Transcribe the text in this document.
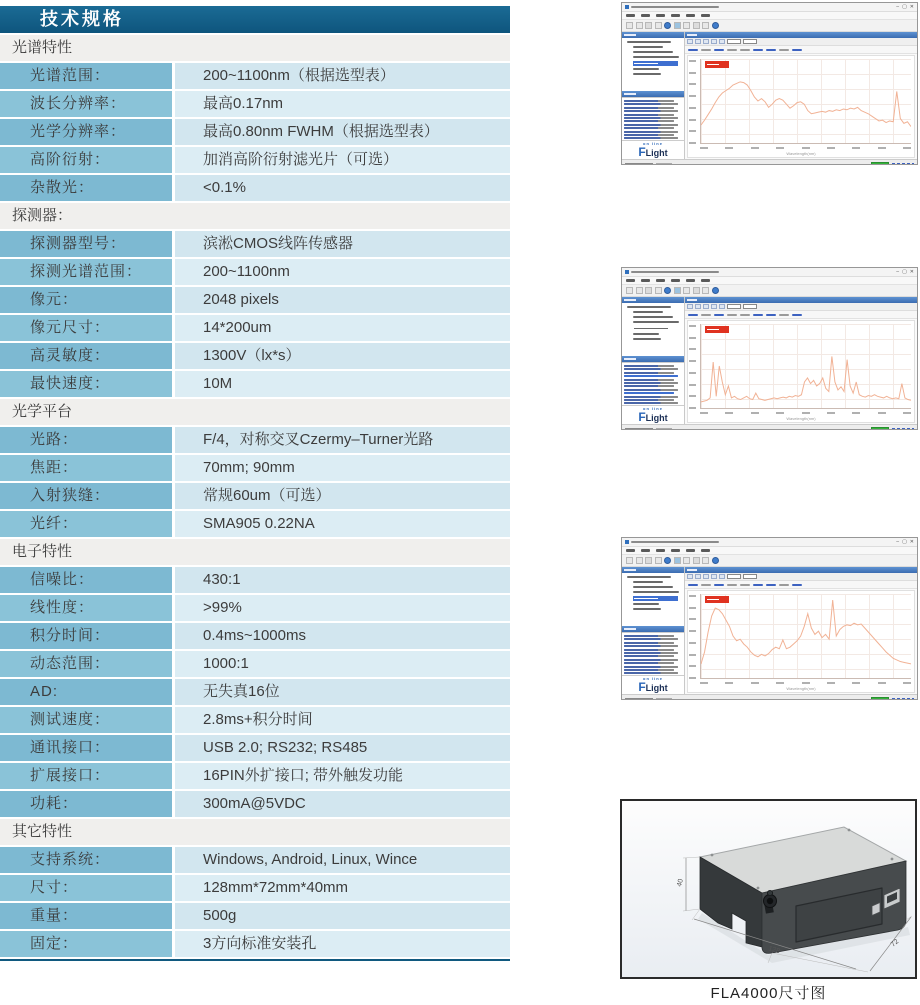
技术规格
光谱特性
光谱范围：	200~1100nm（根据选型表）
波长分辨率：	最高0.17nm
光学分辨率：	最高0.80nm FWHM（根据选型表）
高阶衍射：	加消高阶衍射滤光片（可选）
杂散光：	<0.1%
探测器：
探测器型号：	滨淞CMOS线阵传感器
探测光谱范围：	200~1100nm
像元：	2048 pixels
像元尺寸：	14*200um
高灵敏度：	1300V（lx*s）
最快速度：	10M
光学平台
光路：	F/4，对称交叉Czermy–Turner光路
焦距：	70mm; 90mm
入射狭缝：	常规60um（可选）
光纤：	SMA905 0.22NA
电子特性
信噪比：	430:1
线性度：	>99%
积分时间：	0.4ms~1000ms
动态范围：	1000:1
AD:	无失真16位
测试速度：	2.8ms+积分时间
通讯接口：	USB 2.0; RS232; RS485
扩展接口：	16PIN外扩接口; 带外触发功能
功耗：	300mA@5VDC
其它特性
支持系统：	Windows, Android, Linux, Wince
尺寸：	128mm*72mm*40mm
重量：	500g
固定：	3方向标准安装孔
– ▢ ✕
on line
FLight	Wavelength(nm)
– ▢ ✕
on line
FLight	Wavelength(nm)
– ▢ ✕
on line
FLight	Wavelength(nm)
40
128
72
FLA4000尺寸图
